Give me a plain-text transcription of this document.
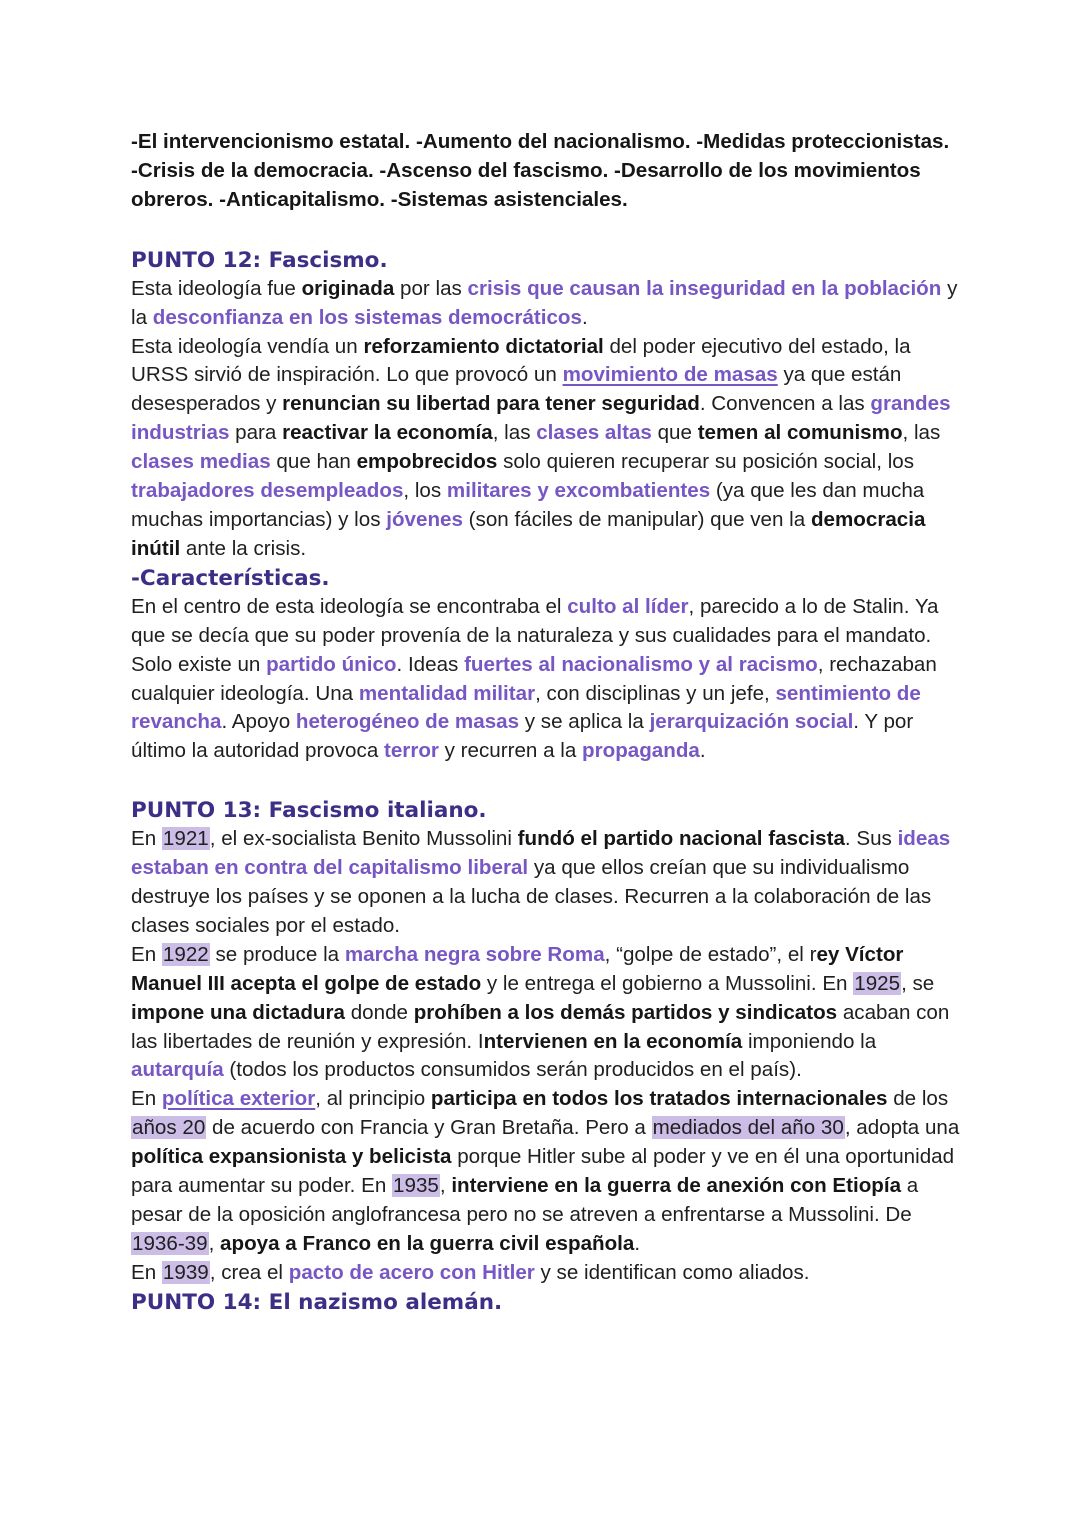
-El intervencionismo estatal. -Aumento del nacionalismo. -Medidas proteccionistas. -Crisis de la democracia. -Ascenso del fascismo. -Desarrollo de los movimientos obreros. -Anticapitalismo. -Sistemas asistenciales.

PUNTO 12: Fascismo.

Esta ideología fue originada por las crisis que causan la inseguridad en la población y la desconfianza en los sistemas democráticos.

Esta ideología vendía un reforzamiento dictatorial del poder ejecutivo del estado, la URSS sirvió de inspiración. Lo que provocó un movimiento de masas ya que están desesperados y renuncian su libertad para tener seguridad. Convencen a las grandes industrias para reactivar la economía, las clases altas que temen al comunismo, las clases medias que han empobrecidos solo quieren recuperar su posición social, los trabajadores desempleados, los militares y excombatientes (ya que les dan mucha muchas importancias) y los jóvenes (son fáciles de manipular) que ven la democracia inútil ante la crisis.

-Características.

En el centro de esta ideología se encontraba el culto al líder, parecido a lo de Stalin. Ya que se decía que su poder provenía de la naturaleza y sus cualidades para el mandato. Solo existe un partido único. Ideas fuertes al nacionalismo y al racismo, rechazaban cualquier ideología. Una mentalidad militar, con disciplinas y un jefe, sentimiento de revancha. Apoyo heterogéneo de masas y se aplica la jerarquización social. Y por último la autoridad provoca terror y recurren a la propaganda.

PUNTO 13: Fascismo italiano.

En 1921, el ex-socialista Benito Mussolini fundó el partido nacional fascista. Sus ideas estaban en contra del capitalismo liberal ya que ellos creían que su individualismo destruye los países y se oponen a la lucha de clases. Recurren a la colaboración de las clases sociales por el estado.

En 1922 se produce la marcha negra sobre Roma, “golpe de estado”, el rey Víctor Manuel III acepta el golpe de estado y le entrega el gobierno a Mussolini. En 1925, se impone una dictadura donde prohíben a los demás partidos y sindicatos acaban con las libertades de reunión y expresión. Intervienen en la economía imponiendo la autarquía (todos los productos consumidos serán producidos en el país).

En política exterior, al principio participa en todos los tratados internacionales de los años 20 de acuerdo con Francia y Gran Bretaña. Pero a mediados del año 30, adopta una política expansionista y belicista porque Hitler sube al poder y ve en él una oportunidad para aumentar su poder. En 1935, interviene en la guerra de anexión con Etiopía a pesar de la oposición anglofrancesa pero no se atreven a enfrentarse a Mussolini. De 1936-39, apoya a Franco en la guerra civil española.

En 1939, crea el pacto de acero con Hitler y se identifican como aliados.

PUNTO 14: El nazismo alemán.
